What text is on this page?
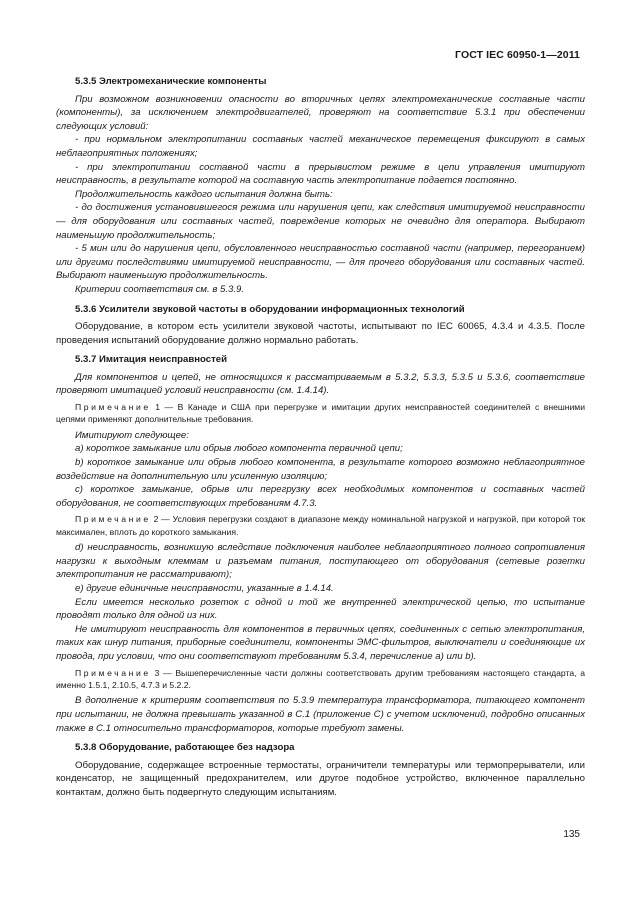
ГОСТ IEC 60950-1—2011
5.3.5 Электромеханические компоненты

При возможном возникновении опасности во вторичных цепях электромеханические составные части (компоненты), за исключением электродвигателей, проверяют на соответствие 5.3.1 при обеспечении следующих условий:

- при нормальном электропитании составных частей механическое перемещения фиксируют в самых неблагоприятных положениях;

- при электропитании составной части в прерывистом режиме в цепи управления имитируют неисправность, в результате которой на составную часть электропитание подается постоянно.

Продолжительность каждого испытания должна быть:

- до достижения установившегося режима или нарушения цепи, как следствия имитируемой неисправности — для оборудования или составных частей, повреждение которых не очевидно для оператора. Выбирают наименьшую продолжительность;

- 5 мин или до нарушения цепи, обусловленного неисправностью составной части (например, перегоранием) или другими последствиями имитируемой неисправности, — для прочего оборудования или составных частей. Выбирают наименьшую продолжительность.

Критерии соответствия см. в 5.3.9.

5.3.6 Усилители звуковой частоты в оборудовании информационных технологий

Оборудование, в котором есть усилители звуковой частоты, испытывают по IEC 60065, 4.3.4 и 4.3.5. После проведения испытаний оборудование должно нормально работать.

5.3.7 Имитация неисправностей

Для компонентов и цепей, не относящихся к рассматриваемым в 5.3.2, 5.3.3, 5.3.5 и 5.3.6, соответствие проверяют имитацией условий неисправности (см. 1.4.14).

Примечание 1 — В Канаде и США при перегрузке и имитации других неисправностей соединителей с внешними цепями применяют дополнительные требования.

Имитируют следующее:

a) короткое замыкание или обрыв любого компонента первичной цепи;

b) короткое замыкание или обрыв любого компонента, в результате которого возможно неблагоприятное воздействие на дополнительную или усиленную изоляцию;

c) короткое замыкание, обрыв или перегрузку всех необходимых компонентов и составных частей оборудования, не соответствующих требованиям 4.7.3.

Примечание 2 — Условия перегрузки создают в диапазоне между номинальной нагрузкой и нагрузкой, при которой ток максимален, вплоть до короткого замыкания.

d) неисправность, возникшую вследствие подключения наиболее неблагоприятного полного сопротивления нагрузки к выходным клеммам и разъемам питания, поступающего от оборудования (сетевые розетки электропитания не рассматривают);

e) другие единичные неисправности, указанные в 1.4.14.

Если имеется несколько розеток с одной и той же внутренней электрической цепью, то испытание проводят только для одной из них.

Не имитируют неисправность для компонентов в первичных цепях, соединенных с сетью электропитания, таких как шнур питания, приборные соединители, компоненты ЭМС-фильтров, выключатели и соединяющие их провода, при условии, что они соответствуют требованиям 5.3.4, перечисление a) или b).

Примечание 3 — Вышеперечисленные части должны соответствовать другим требованиям настоящего стандарта, а именно 1.5.1, 2.10.5, 4.7.3 и 5.2.2.

В дополнение к критериям соответствия по 5.3.9 температура трансформатора, питающего компонент при испытании, не должна превышать указанной в С.1 (приложение С) с учетом исключений, подробно описанных также в С.1 относительно трансформаторов, которые требуют замены.

5.3.8 Оборудование, работающее без надзора

Оборудование, содержащее встроенные термостаты, ограничители температуры или термопрерыватели, или конденсатор, не защищенный предохранителем, или другое подобное устройство, включенное параллельно контактам, должно быть подвергнуто следующим испытаниям.

135
